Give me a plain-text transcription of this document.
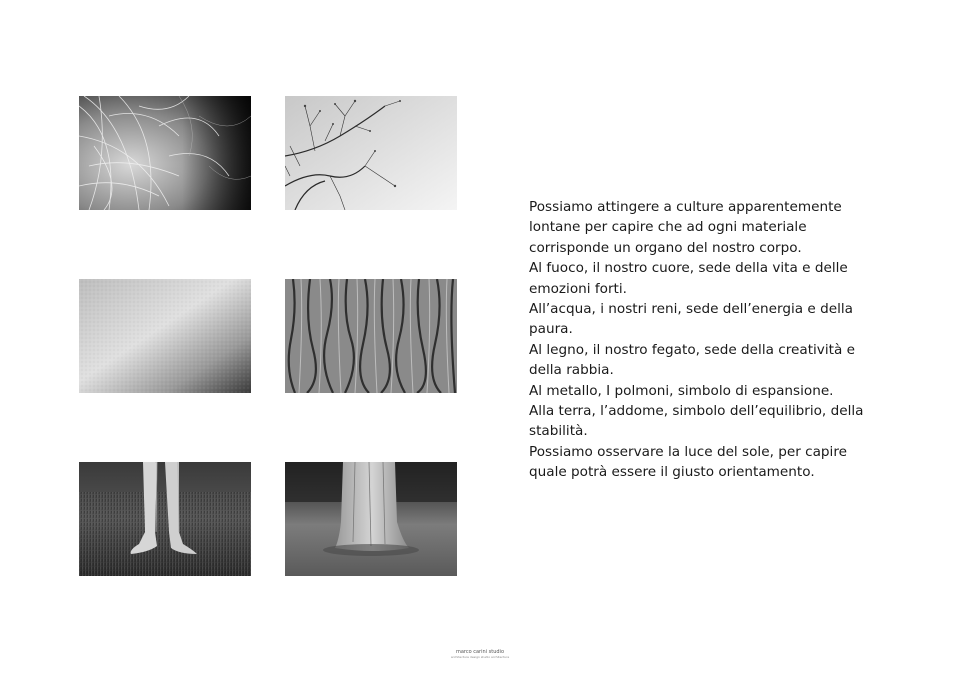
Possiamo attingere a culture apparentemente
lontane per capire che ad ogni materiale
corrisponde un organo del nostro corpo.
Al fuoco, il nostro cuore, sede della vita e delle
emozioni forti.
All’acqua, i nostri reni, sede dell’energia e della
paura.
Al legno, il nostro fegato, sede della creatività e
della rabbia.
Al metallo, I polmoni, simbolo di espansione.
Alla terra, l’addome, simbolo dell’equilibrio, della
stabilità.
Possiamo osservare la luce del sole, per capire
quale potrà essere il giusto orientamento.
marco carini studio
architecture design studio architecture
